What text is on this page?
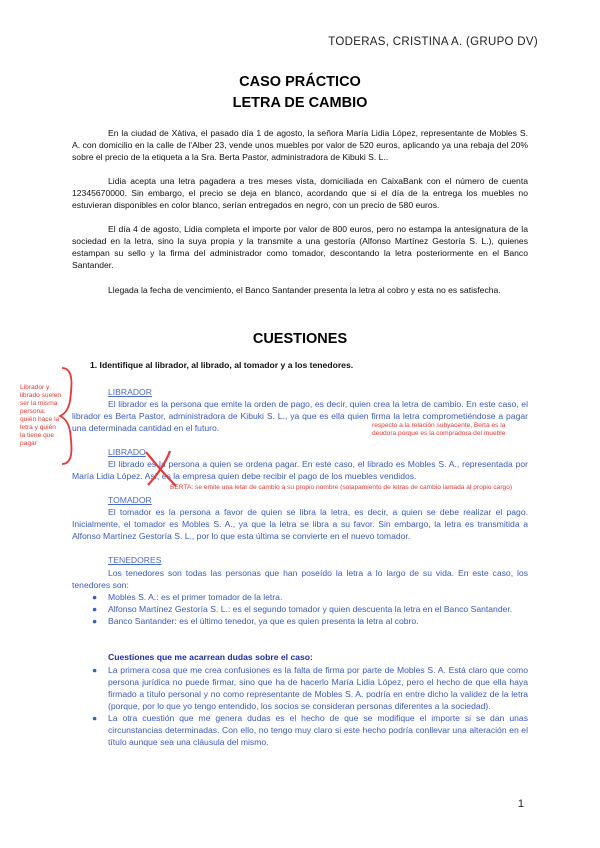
TODERAS, CRISTINA A. (GRUPO DV)
CASO PRÁCTICO
LETRA DE CAMBIO
En la ciudad de Xàtiva, el pasado día 1 de agosto, la señora María Lidia López, representante de Mobles S. A. con domicilio en la calle de l'Alber 23, vende unos muebles por valor de 520 euros, aplicando ya una rebaja del 20% sobre el precio de la etiqueta a la Sra. Berta Pastor, administradora de Kibuki S. L..
Lidia acepta una letra pagadera a tres meses vista, domiciliada en CaixaBank con el número de cuenta 12345670000. Sin embargo, el precio se deja en blanco, acordando que si el día de la entrega los muebles no estuvieran disponibles en color blanco, serían entregados en negro, con un precio de 580 euros.
El día 4 de agosto, Lidia completa el importe por valor de 800 euros, pero no estampa la antesignatura de la sociedad en la letra, sino la suya propia y la transmite a una gestoría (Alfonso Martínez Gestoría S. L.), quienes estampan su sello y la firma del administrador como tomador, descontando la letra posteriormente en el Banco Santander.
Llegada la fecha de vencimiento, el Banco Santander presenta la letra al cobro y esta no es satisfecha.
CUESTIONES
1. Identifique al librador, al librado, al tomador y a los tenedores.
Librador y librado suelen ser la misma persona: quién hace la letra y quién la tiene que pagar
LIBRADOR
El librador es la persona que emite la orden de pago, es decir, quien crea la letra de cambio. En este caso, el librador es Berta Pastor, administradora de Kibuki S. L., ya que es ella quien firma la letra comprometiéndose a pagar una determinada cantidad en el futuro.	respecto a la relación subyacente, Berta es la deudora porque es la compradora del mueble
LIBRADO
El librado es la persona a quien se ordena pagar. En este caso, el librado es Mobles S. A., representada por María Lidia López. Así, es la empresa quien debe recibir el pago de los muebles vendidos.
BERTA: se emite una letar de cambio a su propio nombre (solapamiento de letras de cambio lamada al propio cargo)
TOMADOR
El tomador es la persona a favor de quien se libra la letra, es decir, a quien se debe realizar el pago. Inicialmente, el tomador es Mobles S. A., ya que la letra se libra a su favor. Sin embargo, la letra es transmitida a Alfonso Martínez Gestoría S. L., por lo que esta última se convierte en el nuevo tomador.
TENEDORES
Los tenedores son todas las personas que han poseído la letra a lo largo de su vida. En este caso, los tenedores son:
● Mobles S. A.: es el primer tomador de la letra.
● Alfonso Martínez Gestoría S. L.: es el segundo tomador y quien descuenta la letra en el Banco Santander.
● Banco Santander: es el último tenedor, ya que es quien presenta la letra al cobro.
Cuestiones que me acarrean dudas sobre el caso:
● La primera cosa que me crea confusiones es la falta de firma por parte de Mobles S. A. Está claro que como persona jurídica no puede firmar, sino que ha de hacerlo María Lidia López, pero el hecho de que ella haya firmado a título personal y no como representante de Mobles S. A. podría en entre dicho la validez de la letra (porque, por lo que yo tengo entendido, los socios se consideran personas diferentes a la sociedad).
● La otra cuestión que me genera dudas es el hecho de que se modifique el importe si se dan unas circunstancias determinadas. Con ello, no tengo muy claro si este hecho podría conllevar una alteración en el título aunque sea una cláusula del mismo.
1
